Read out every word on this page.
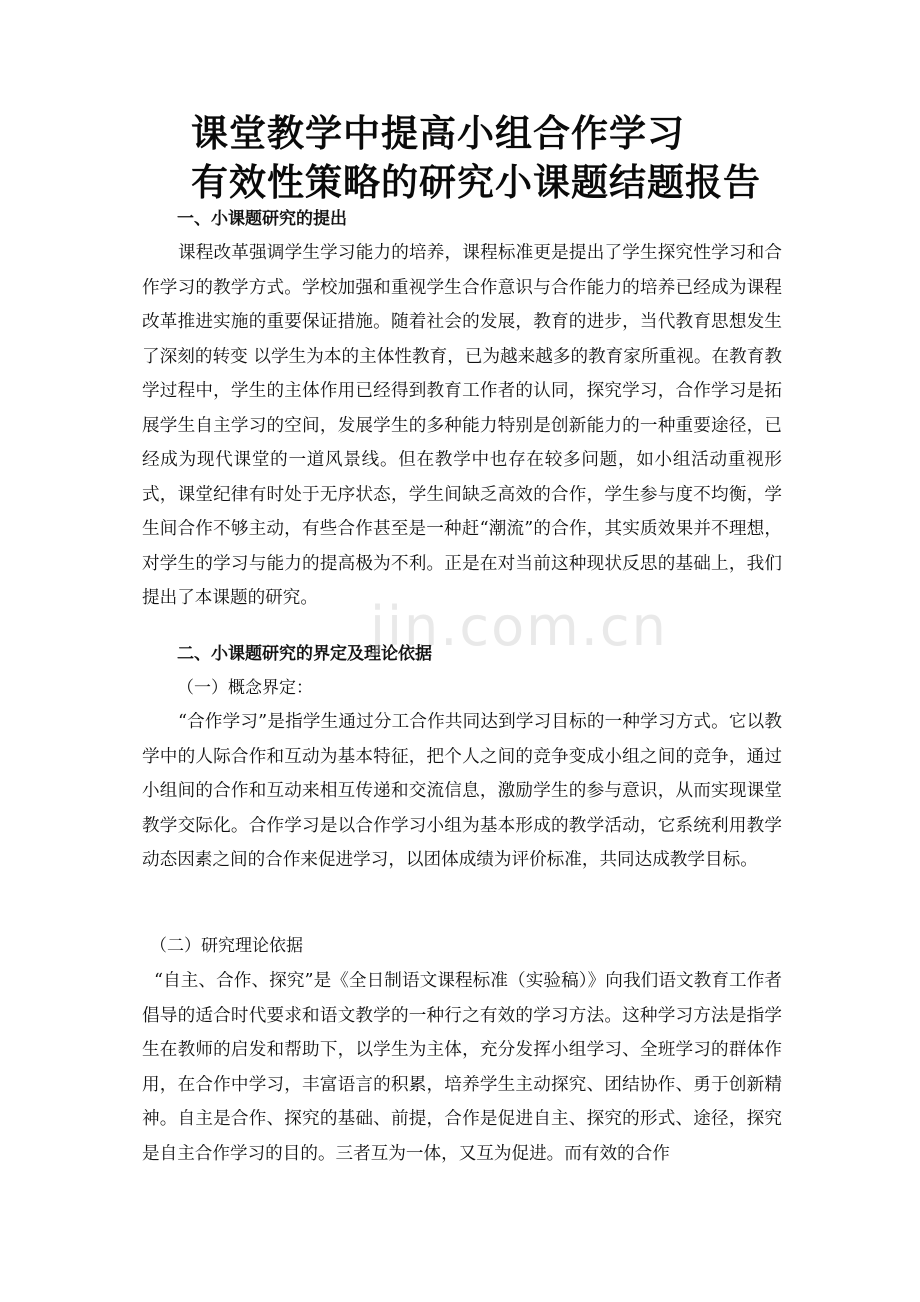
课堂教学中提高小组合作学习
有效性策略的研究小课题结题报告
一、小课题研究的提出
课程改革强调学生学习能力的培养，课程标准更是提出了学生探究性学习和合作学习的教学方式。学校加强和重视学生合作意识与合作能力的培养已经成为课程改革推进实施的重要保证措施。随着社会的发展，教育的进步，当代教育思想发生了深刻的转变 以学生为本的主体性教育，已为越来越多的教育家所重视。在教育教学过程中，学生的主体作用已经得到教育工作者的认同，探究学习，合作学习是拓展学生自主学习的空间，发展学生的多种能力特别是创新能力的一种重要途径，已经成为现代课堂的一道风景线。但在教学中也存在较多问题，如小组活动重视形式，课堂纪律有时处于无序状态，学生间缺乏高效的合作，学生参与度不均衡，学生间合作不够主动，有些合作甚至是一种赶“潮流”的合作，其实质效果并不理想，对学生的学习与能力的提高极为不利。正是在对当前这种现状反思的基础上，我们提出了本课题的研究。
二、小课题研究的界定及理论依据
（一）概念界定：
“合作学习”是指学生通过分工合作共同达到学习目标的一种学习方式。它以教学中的人际合作和互动为基本特征，把个人之间的竞争变成小组之间的竞争，通过小组间的合作和互动来相互传递和交流信息，激励学生的参与意识，从而实现课堂教学交际化。合作学习是以合作学习小组为基本形成的教学活动，它系统利用教学动态因素之间的合作来促进学习，以团体成绩为评价标准，共同达成教学目标。
（二）研究理论依据
“自主、合作、探究”是《全日制语文课程标准（实验稿）》向我们语文教育工作者倡导的适合时代要求和语文教学的一种行之有效的学习方法。这种学习方法是指学生在教师的启发和帮助下，以学生为主体，充分发挥小组学习、全班学习的群体作用，在合作中学习，丰富语言的积累，培养学生主动探究、团结协作、勇于创新精神。自主是合作、探究的基础、前提，合作是促进自主、探究的形式、途径，探究是自主合作学习的目的。三者互为一体，又互为促进。而有效的合作
jin.com.cn
